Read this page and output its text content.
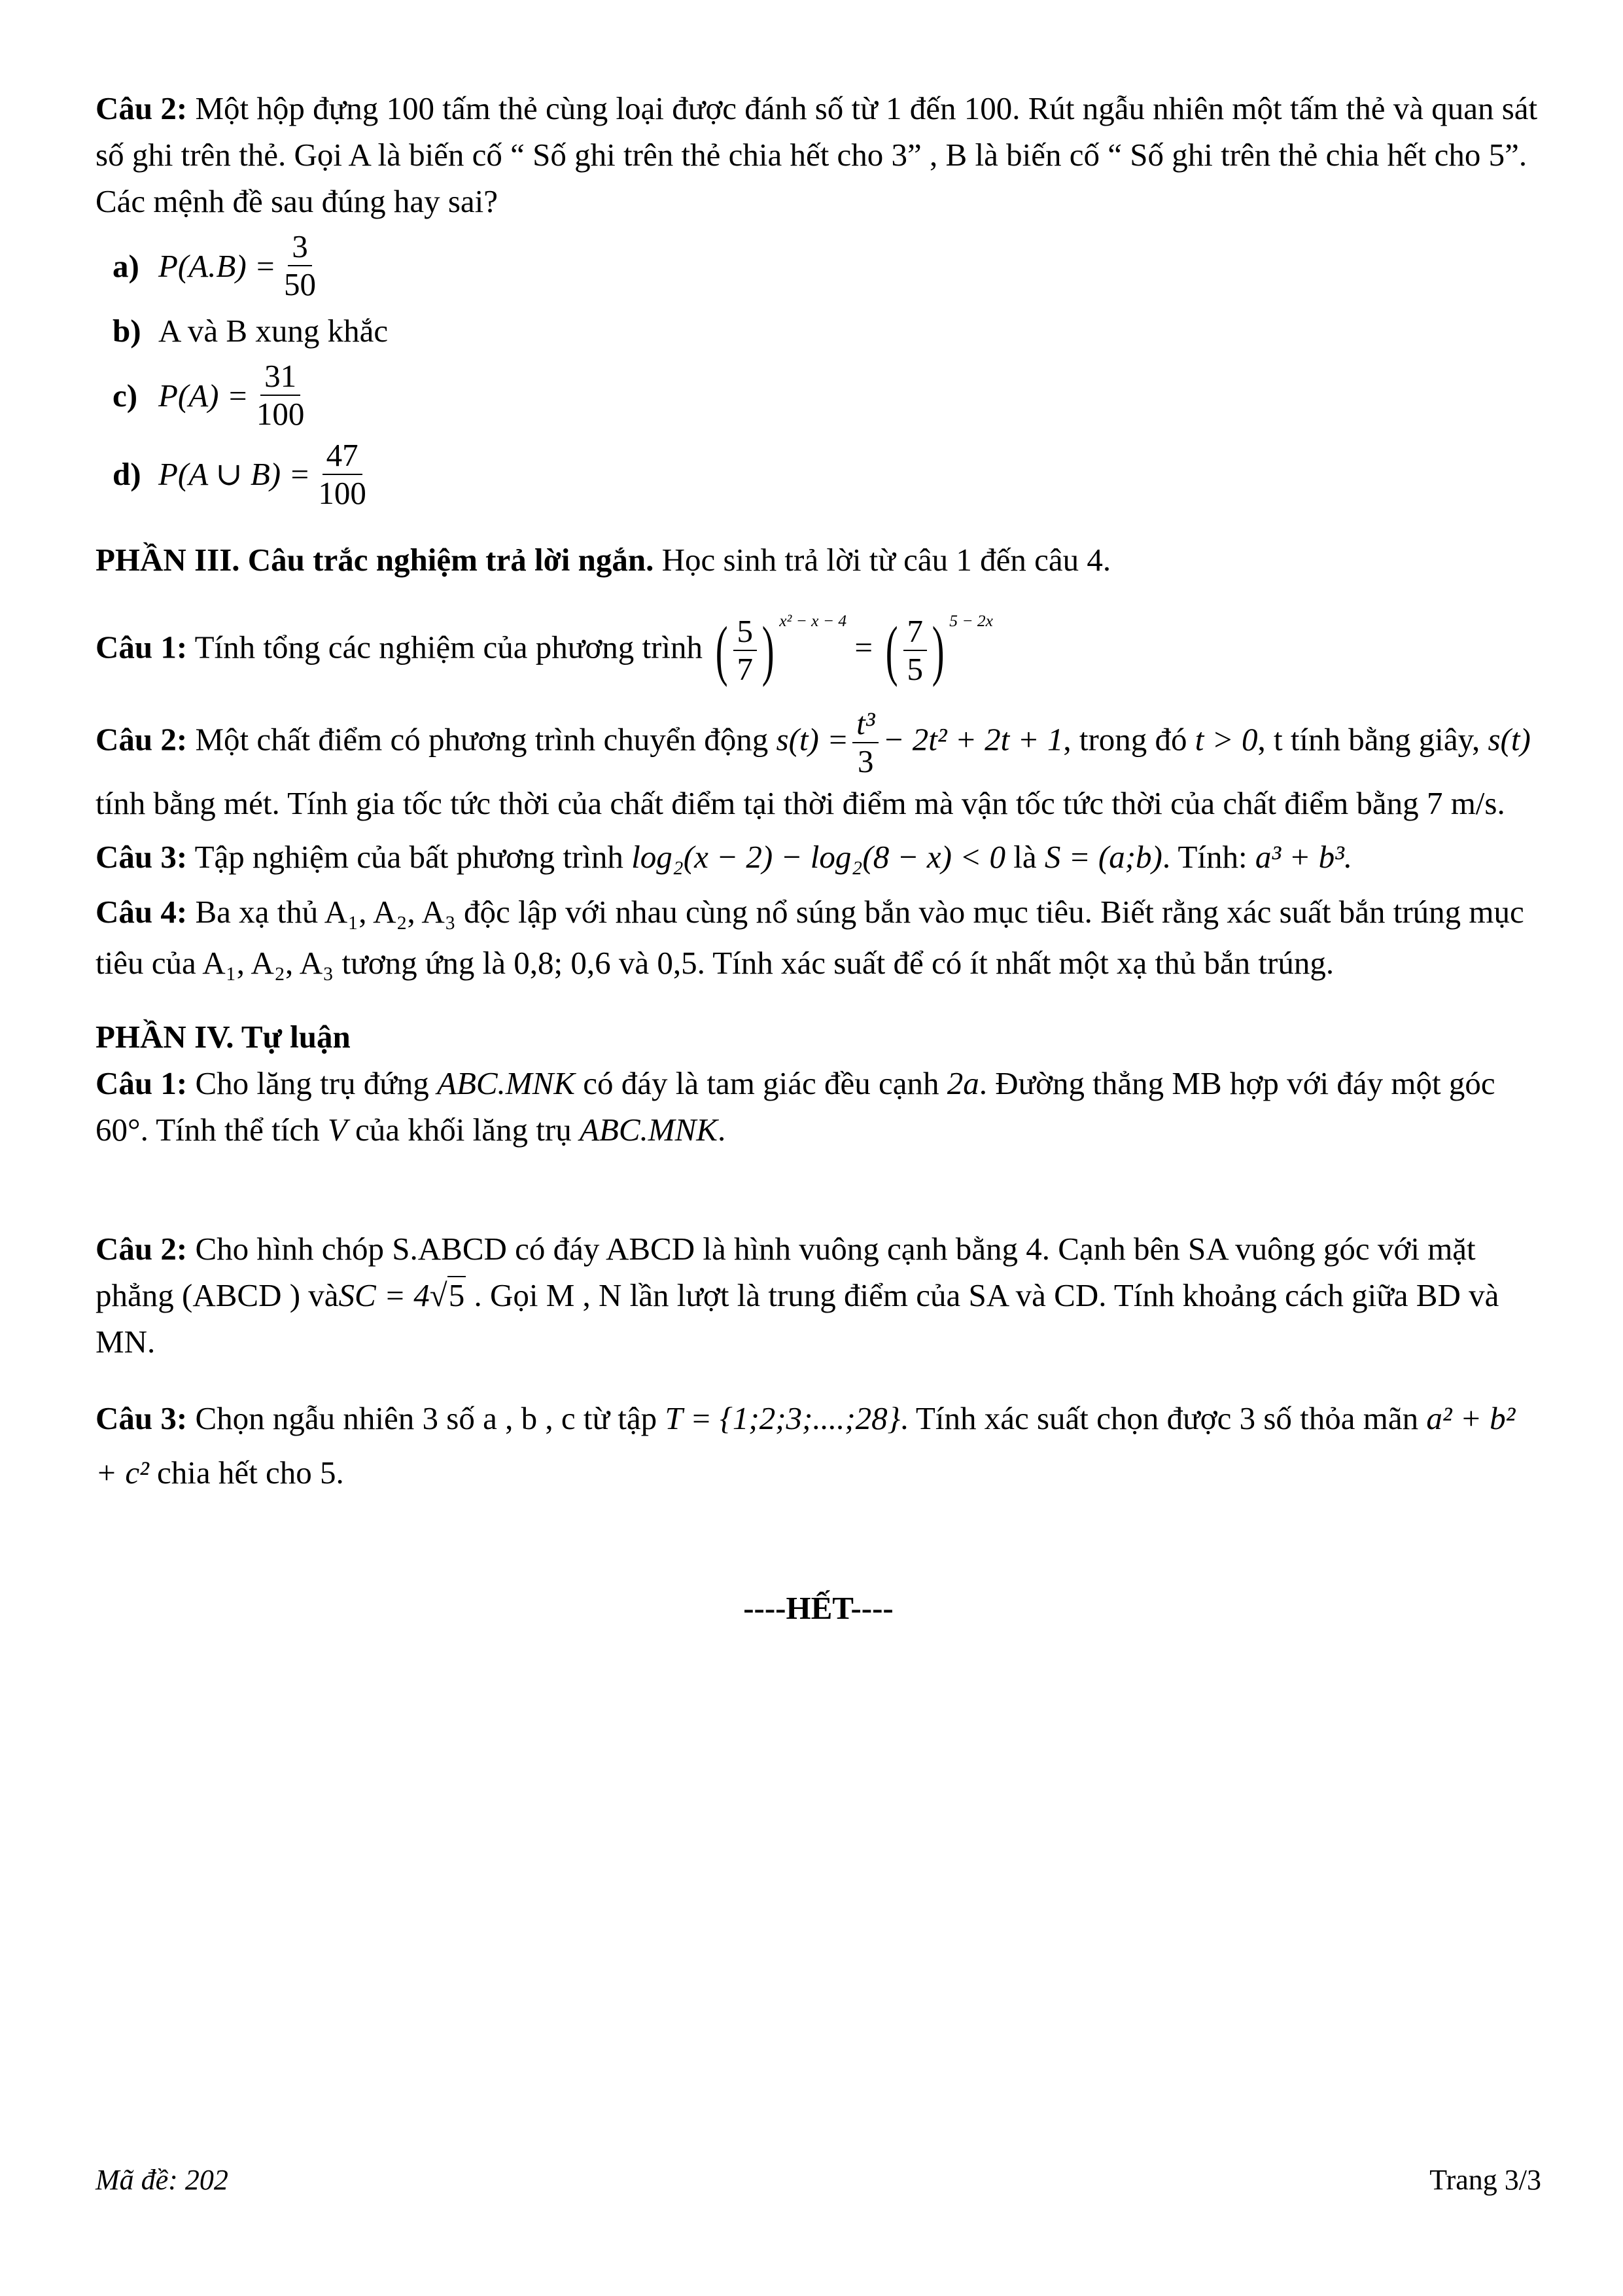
Câu 2: Một hộp đựng 100 tấm thẻ cùng loại được đánh số từ 1 đến 100. Rút ngẫu nhiên một tấm thẻ và quan sát số ghi trên thẻ. Gọi A là biến cố “ Số ghi trên thẻ chia hết cho 3” , B là biến cố “ Số ghi trên thẻ chia hết cho 5”. Các mệnh đề sau đúng hay sai?

a) $P(A.B) = \frac{3}{50}$
b) A và B xung khắc
c) $P(A) = \frac{31}{100}$
d) P(A ∪ $B) = \frac{47}{100}$

PHẦN III. Câu trắc nghiệm trả lời ngắn. Học sinh trả lời từ câu 1 đến câu 4.

Câu 1: Tính tổng các nghiệm của phương trình ( $\frac{5}{7}$ ) x² − x − 4 = ( $\frac{7}{5}$ ) 5 − 2x

Câu 2: Một chất điểm có phương trình chuyển động $s(t) = \frac{\text{t³}}{3} - 2t^2 + 2t + 1$, trong đó t > 0, t tính bằng giây, s(t) tính bằng mét. Tính gia tốc tức thời của chất điểm tại thời điểm mà vận tốc tức thời của chất điểm bằng 7 m/s.

Câu 3: Tập nghiệm của bất phương trình log₂(x − 2) − log₂(8 − x) < 0 là S = (a;b). Tính: a³ + b³.

Câu 4: Ba xạ thủ A₁, A₂, A₃ độc lập với nhau cùng nổ súng bắn vào mục tiêu. Biết rằng xác suất bắn trúng mục tiêu của A₁, A₂, A₃ tương ứng là 0,8; 0,6 và 0,5. Tính xác suất để có ít nhất một xạ thủ bắn trúng.

PHẦN IV. Tự luận

Câu 1: Cho lăng trụ đứng ABC.MNK có đáy là tam giác đều cạnh 2a. Đường thẳng MB hợp với đáy một góc 60°. Tính thể tích V của khối lăng trụ ABC.MNK.

Câu 2: Cho hình chóp S.ABCD có đáy ABCD là hình vuông cạnh bằng 4. Cạnh bên SA vuông góc với mặt phẳng (ABCD ) vàSC = 4√5 . Gọi M , N lần lượt là trung điểm của SA và CD. Tính khoảng cách giữa BD và MN.

Câu 3: Chọn ngẫu nhiên 3 số a , b , c từ tập T = {1;2;3;....;28}. Tính xác suất chọn được 3 số thỏa mãn a² + b² + c² chia hết cho 5.

----HẾT----

Mã đề: 202	Trang 3/3
